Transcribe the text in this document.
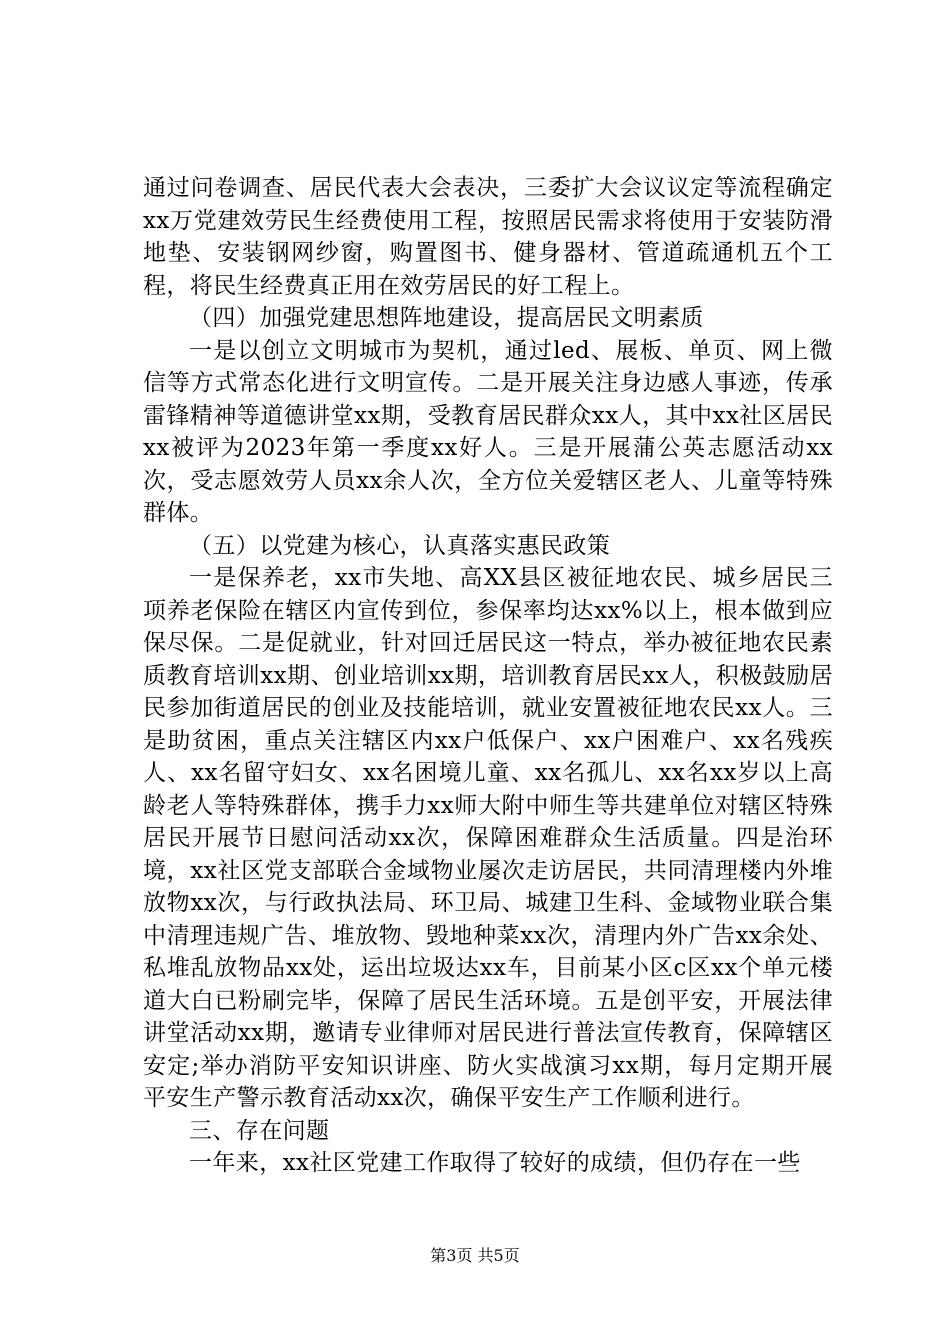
通过问卷调查、居民代表大会表决，三委扩大会议议定等流程确定xx万党建效劳民生经费使用工程，按照居民需求将使用于安装防滑地垫、安装钢网纱窗，购置图书、健身器材、管道疏通机五个工程，将民生经费真正用在效劳居民的好工程上。

（四）加强党建思想阵地建设，提高居民文明素质

一是以创立文明城市为契机，通过led、展板、单页、网上微信等方式常态化进行文明宣传。二是开展关注身边感人事迹，传承雷锋精神等道德讲堂xx期，受教育居民群众xx人，其中xx社区居民xx被评为2023年第一季度xx好人。三是开展蒲公英志愿活动xx次，受志愿效劳人员xx余人次，全方位关爱辖区老人、儿童等特殊群体。

（五）以党建为核心，认真落实惠民政策

一是保养老，xx市失地、高XX县区被征地农民、城乡居民三项养老保险在辖区内宣传到位，参保率均达xx%以上，根本做到应保尽保。二是促就业，针对回迁居民这一特点，举办被征地农民素质教育培训xx期、创业培训xx期，培训教育居民xx人，积极鼓励居民参加街道居民的创业及技能培训，就业安置被征地农民xx人。三是助贫困，重点关注辖区内xx户低保户、xx户困难户、xx名残疾人、xx名留守妇女、xx名困境儿童、xx名孤儿、xx名xx岁以上高龄老人等特殊群体，携手力xx师大附中师生等共建单位对辖区特殊居民开展节日慰问活动xx次，保障困难群众生活质量。四是治环境，xx社区党支部联合金域物业屡次走访居民，共同清理楼内外堆放物xx次，与行政执法局、环卫局、城建卫生科、金域物业联合集中清理违规广告、堆放物、毁地种菜xx次，清理内外广告xx余处、私堆乱放物品xx处，运出垃圾达xx车，目前某小区c区xx个单元楼道大白已粉刷完毕，保障了居民生活环境。五是创平安，开展法律讲堂活动xx期，邀请专业律师对居民进行普法宣传教育，保障辖区安定;举办消防平安知识讲座、防火实战演习xx期，每月定期开展平安生产警示教育活动xx次，确保平安生产工作顺利进行。

三、存在问题

一年来，xx社区党建工作取得了较好的成绩，但仍存在一些

第3页 共5页
